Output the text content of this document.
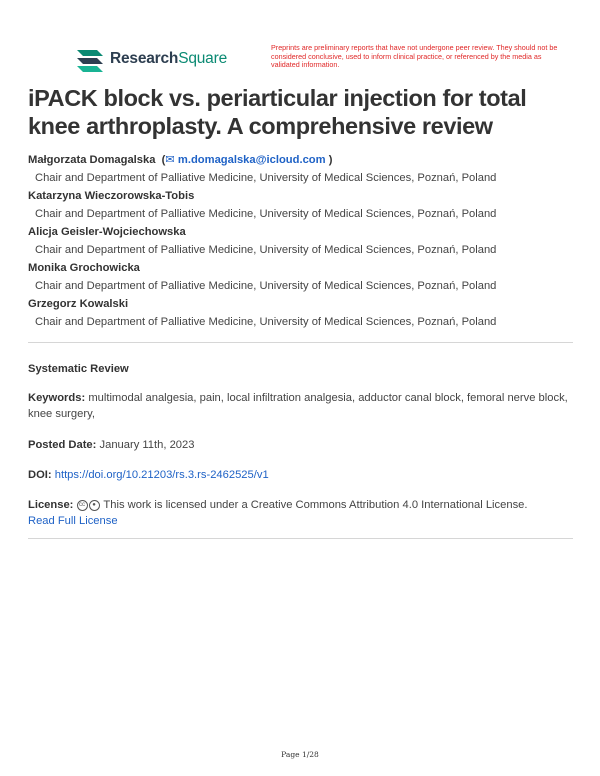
ResearchSquare
Preprints are preliminary reports that have not undergone peer review. They should not be considered conclusive, used to inform clinical practice, or referenced by the media as validated information.
iPACK block vs. periarticular injection for total knee arthroplasty. A comprehensive review
Małgorzata Domagalska  (✉ m.domagalska@icloud.com )
Chair and Department of Palliative Medicine, University of Medical Sciences, Poznań, Poland
Katarzyna Wieczorowska-Tobis
Chair and Department of Palliative Medicine, University of Medical Sciences, Poznań, Poland
Alicja Geisler-Wojciechowska
Chair and Department of Palliative Medicine, University of Medical Sciences, Poznań, Poland
Monika Grochowicka
Chair and Department of Palliative Medicine, University of Medical Sciences, Poznań, Poland
Grzegorz Kowalski
Chair and Department of Palliative Medicine, University of Medical Sciences, Poznań, Poland
Systematic Review
Keywords: multimodal analgesia, pain, local infiltration analgesia, adductor canal block, femoral nerve block, knee surgery,
Posted Date: January 11th, 2023
DOI: https://doi.org/10.21203/rs.3.rs-2462525/v1
License: cc ● This work is licensed under a Creative Commons Attribution 4.0 International License.
Read Full License
Page 1/28
